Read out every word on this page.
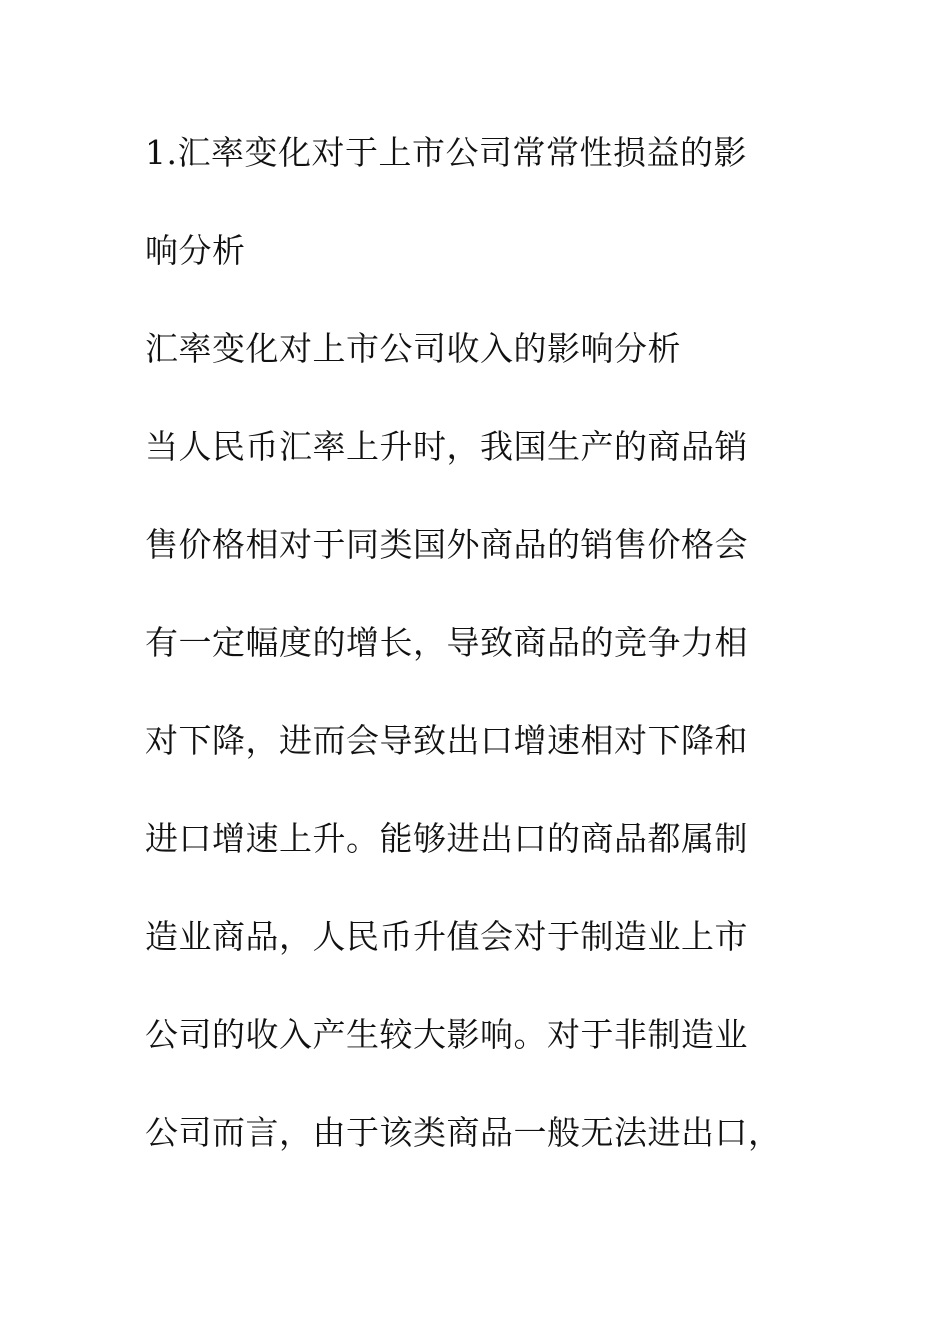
1.汇率变化对于上市公司常常性损益的影
响分析
汇率变化对上市公司收入的影响分析
当人民币汇率上升时，我国生产的商品销
售价格相对于同类国外商品的销售价格会
有一定幅度的增长，导致商品的竞争力相
对下降，进而会导致出口增速相对下降和
进口增速上升。能够进出口的商品都属制
造业商品，人民币升值会对于制造业上市
公司的收入产生较大影响。对于非制造业
公司而言，由于该类商品一般无法进出口，
